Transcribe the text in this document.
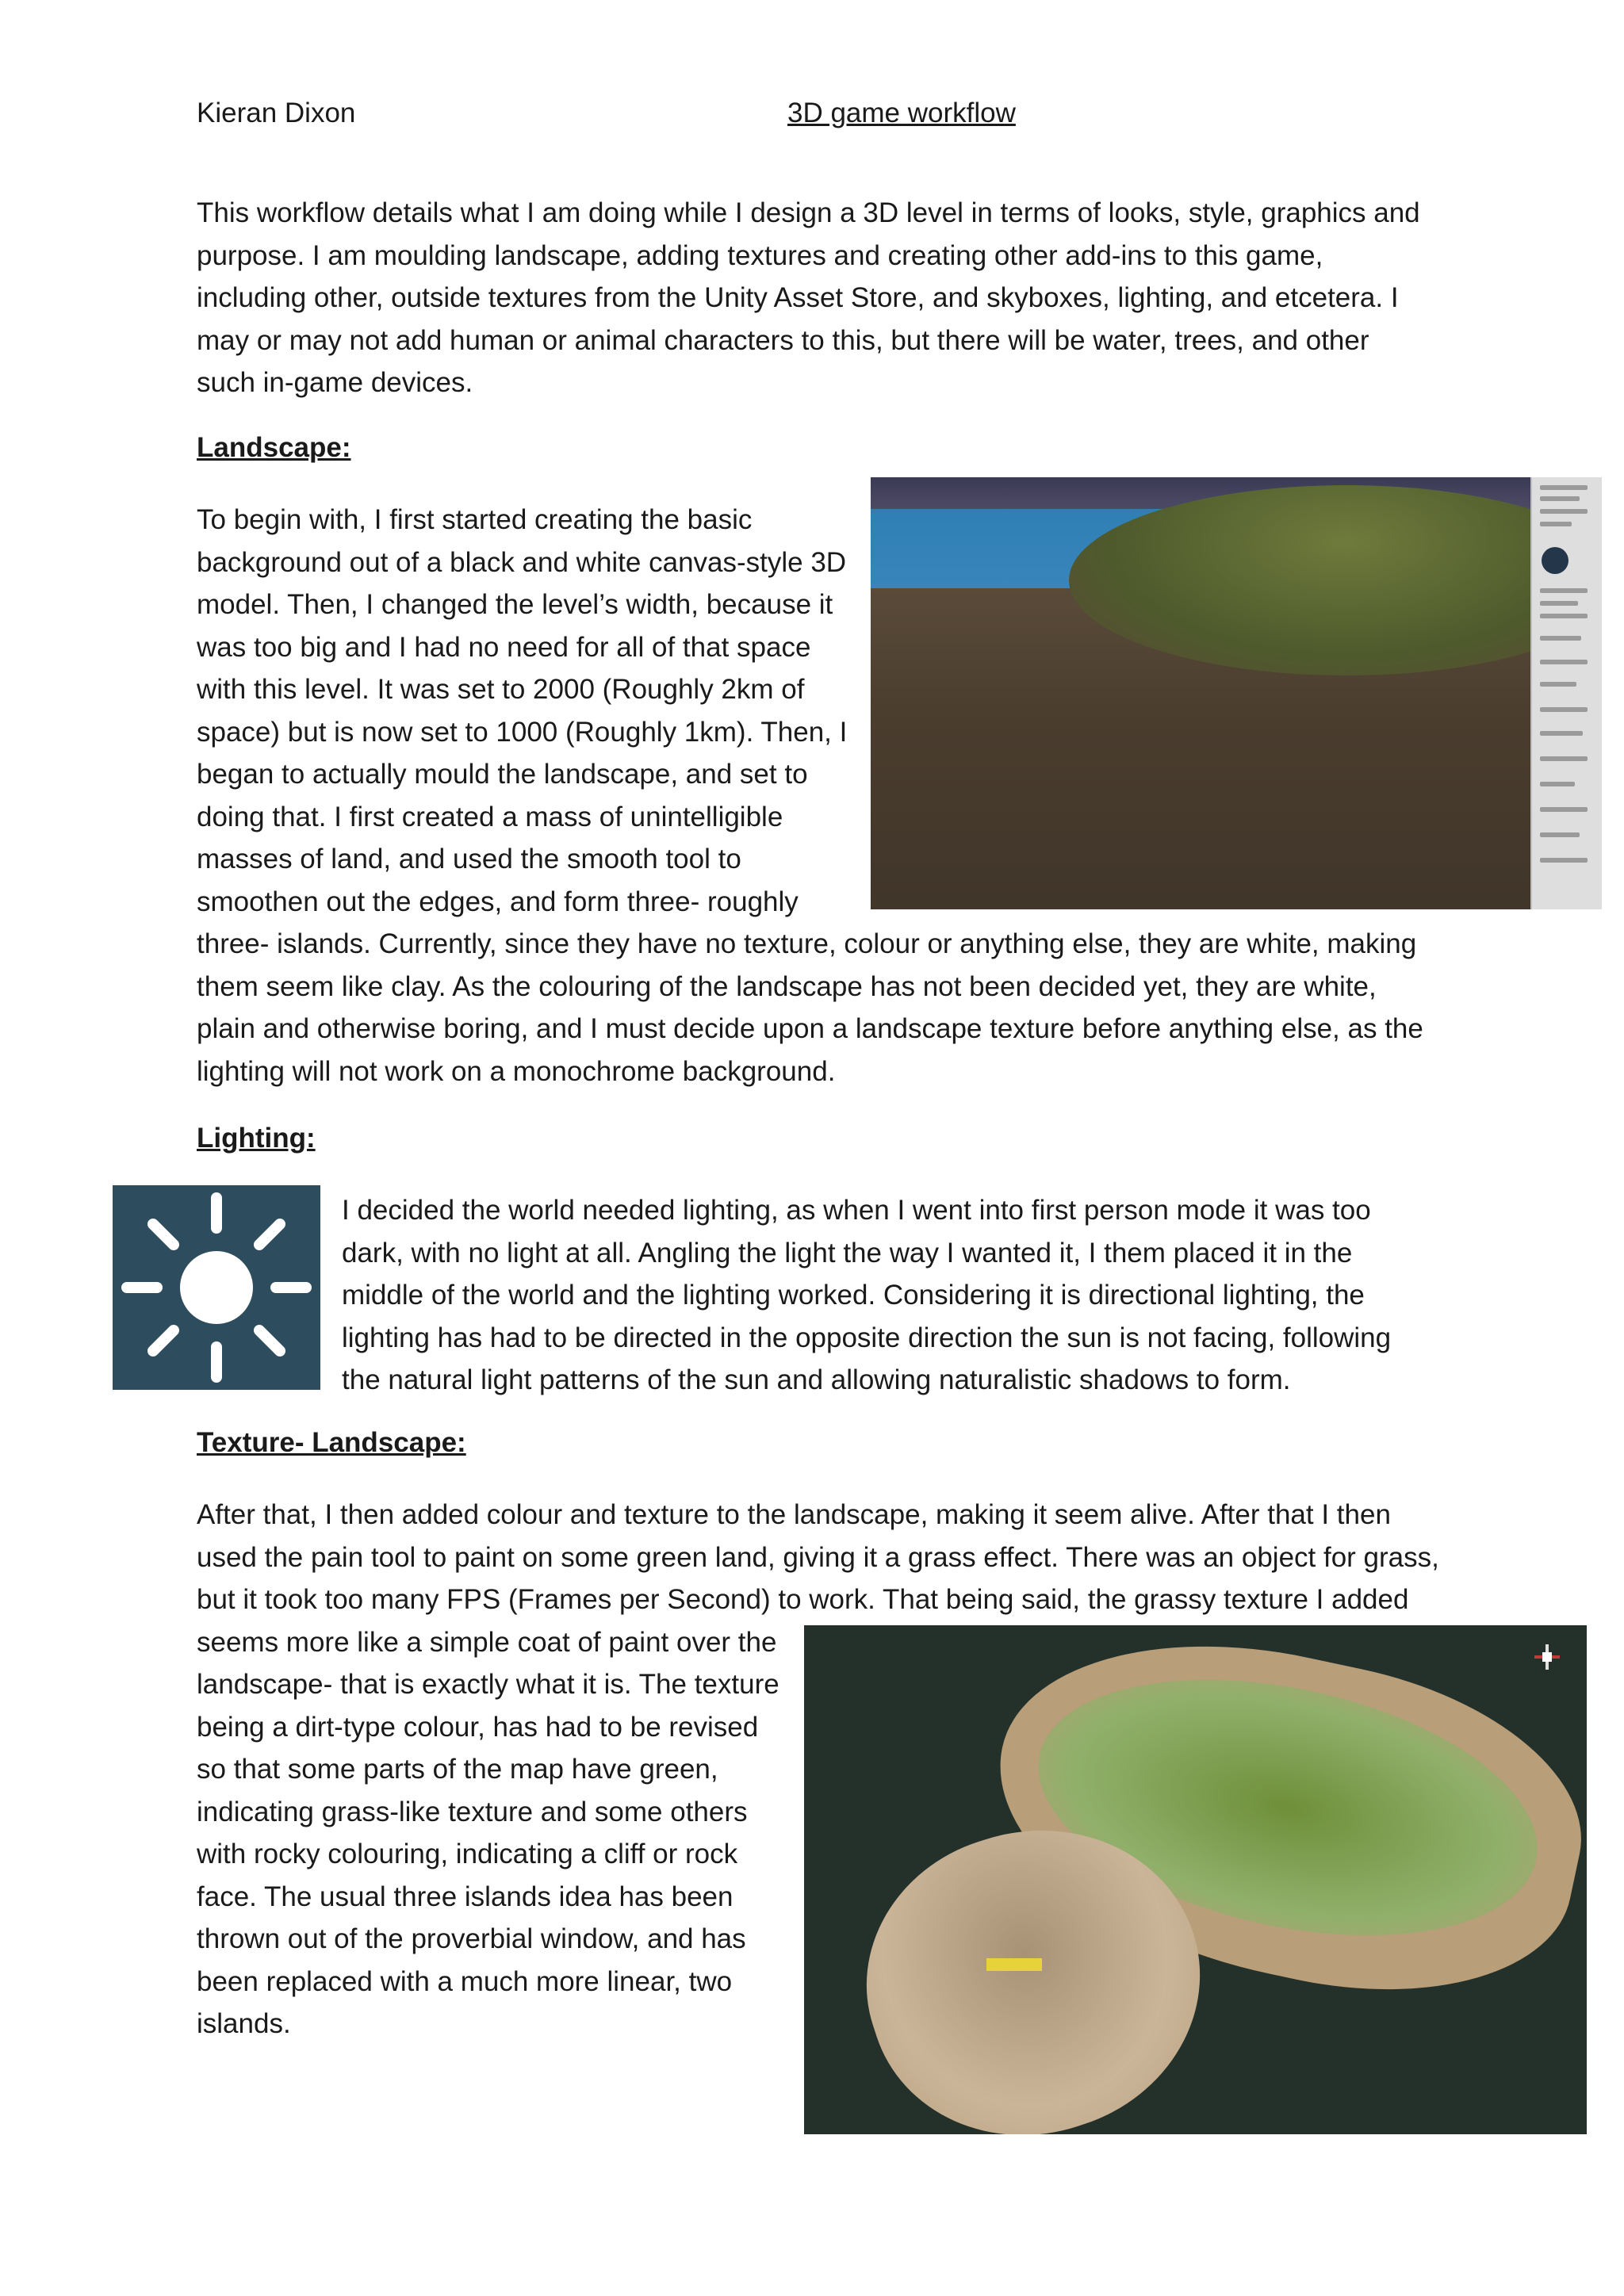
Kieran Dixon	3D game workflow
This workflow details what I am doing while I design a 3D level in terms of looks, style, graphics and
purpose. I am moulding landscape, adding textures and creating other add-ins to this game,
including other, outside textures from the Unity Asset Store, and skyboxes, lighting, and etcetera. I
may or may not add human or animal characters to this, but there will be water, trees, and other
such in-game devices.
Landscape:
To begin with, I first started creating the basic
background out of a black and white canvas-style 3D
model. Then, I changed the level’s width, because it
was too big and I had no need for all of that space
with this level. It was set to 2000 (Roughly 2km of
space) but is now set to 1000 (Roughly 1km). Then, I
began to actually mould the landscape, and set to
doing that. I first created a mass of unintelligible
masses of land, and used the smooth tool to
smoothen out the edges, and form three- roughly
three- islands. Currently, since they have no texture, colour or anything else, they are white, making
them seem like clay. As the colouring of the landscape has not been decided yet, they are white,
plain and otherwise boring, and I must decide upon a landscape texture before anything else, as the
lighting will not work on a monochrome background.
Lighting:
I decided the world needed lighting, as when I went into first person mode it was too
dark, with no light at all. Angling the light the way I wanted it, I them placed it in the
middle of the world and the lighting worked. Considering it is directional lighting, the
lighting has had to be directed in the opposite direction the sun is not facing, following
the natural light patterns of the sun and allowing naturalistic shadows to form.
Texture- Landscape:
After that, I then added colour and texture to the landscape, making it seem alive. After that I then
used the pain tool to paint on some green land, giving it a grass effect. There was an object for grass,
but it took too many FPS (Frames per Second) to work. That being said, the grassy texture I added
seems more like a simple coat of paint over the
landscape- that is exactly what it is. The texture
being a dirt-type colour, has had to be revised
so that some parts of the map have green,
indicating grass-like texture and some others
with rocky colouring, indicating a cliff or rock
face. The usual three islands idea has been
thrown out of the proverbial window, and has
been replaced with a much more linear, two
islands.
